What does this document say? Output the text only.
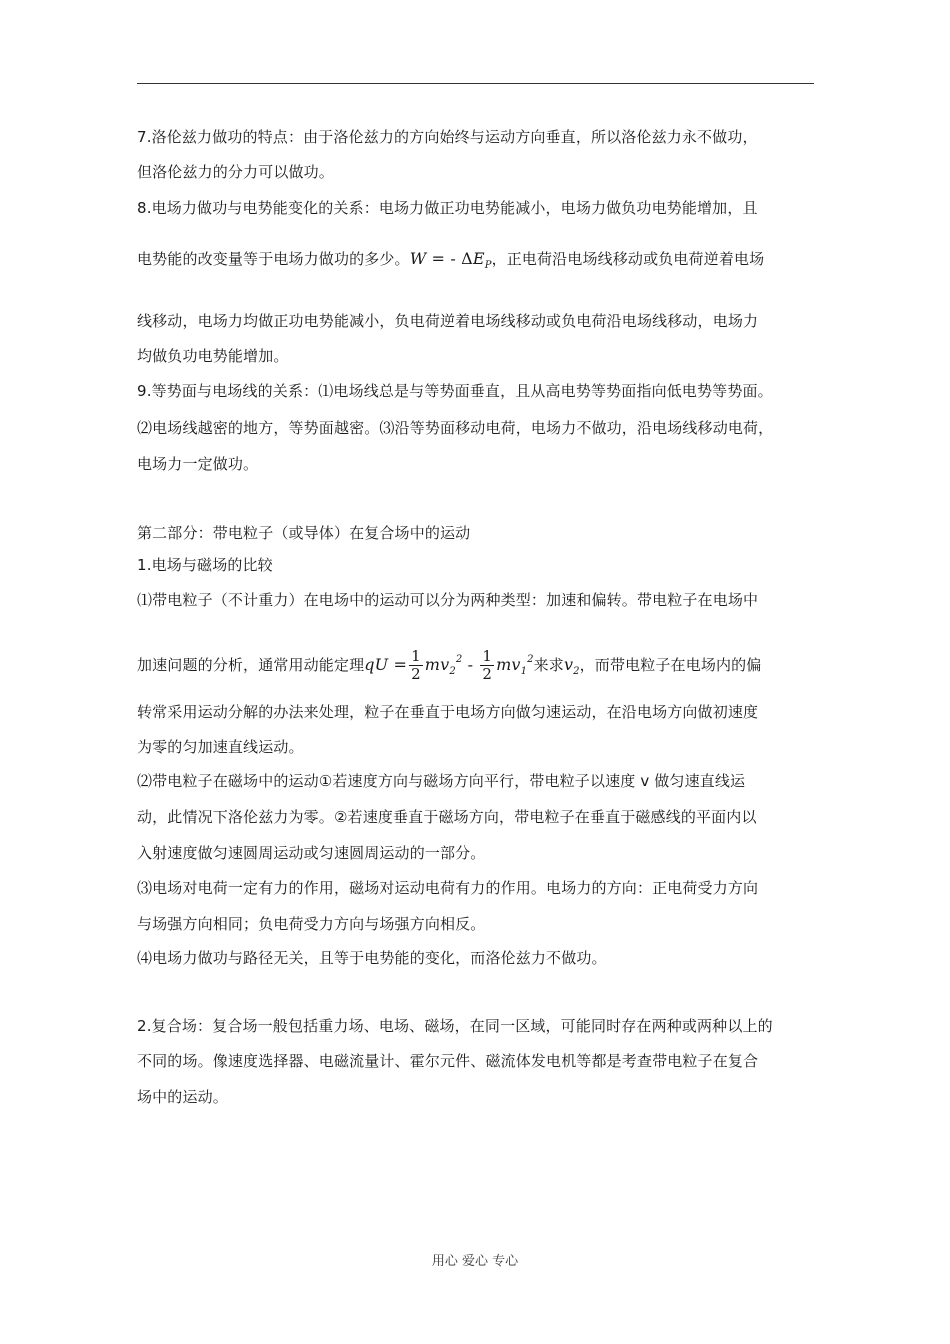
7.洛伦兹力做功的特点：由于洛伦兹力的方向始终与运动方向垂直，所以洛伦兹力永不做功，
但洛伦兹力的分力可以做功。
8.电场力做功与电势能变化的关系：电场力做正功电势能减小，电场力做负功电势能增加，且
电势能的改变量等于电场力做功的多少。W = - $\Delta E_P$，正电荷沿电场线移动或负电荷逆着电场
线移动，电场力均做正功电势能减小，负电荷逆着电场线移动或负电荷沿电场线移动，电场力
均做负功电势能增加。
9.等势面与电场线的关系：⑴电场线总是与等势面垂直，且从高电势等势面指向低电势等势面。
⑵电场线越密的地方，等势面越密。⑶沿等势面移动电荷，电场力不做功，沿电场线移动电荷，
电场力一定做功。
第二部分：带电粒子（或导体）在复合场中的运动
1.电场与磁场的比较
⑴带电粒子（不计重力）在电场中的运动可以分为两种类型：加速和偏转。带电粒子在电场中
加速问题的分析，通常用动能定理qU = $\frac{1}{2} mv_2^2 - \frac{1}{2} mv_1^2$来求$v_2$，而带电粒子在电场内的偏
转常采用运动分解的办法来处理，粒子在垂直于电场方向做匀速运动，在沿电场方向做初速度
为零的匀加速直线运动。
⑵带电粒子在磁场中的运动①若速度方向与磁场方向平行，带电粒子以速度 v 做匀速直线运
动，此情况下洛伦兹力为零。②若速度垂直于磁场方向，带电粒子在垂直于磁感线的平面内以
入射速度做匀速圆周运动或匀速圆周运动的一部分。
⑶电场对电荷一定有力的作用，磁场对运动电荷有力的作用。电场力的方向：正电荷受力方向
与场强方向相同；负电荷受力方向与场强方向相反。
⑷电场力做功与路径无关，且等于电势能的变化，而洛伦兹力不做功。
2.复合场：复合场一般包括重力场、电场、磁场，在同一区域，可能同时存在两种或两种以上的
不同的场。像速度选择器、电磁流量计、霍尔元件、磁流体发电机等都是考查带电粒子在复合
场中的运动。
用心 爱心 专心
